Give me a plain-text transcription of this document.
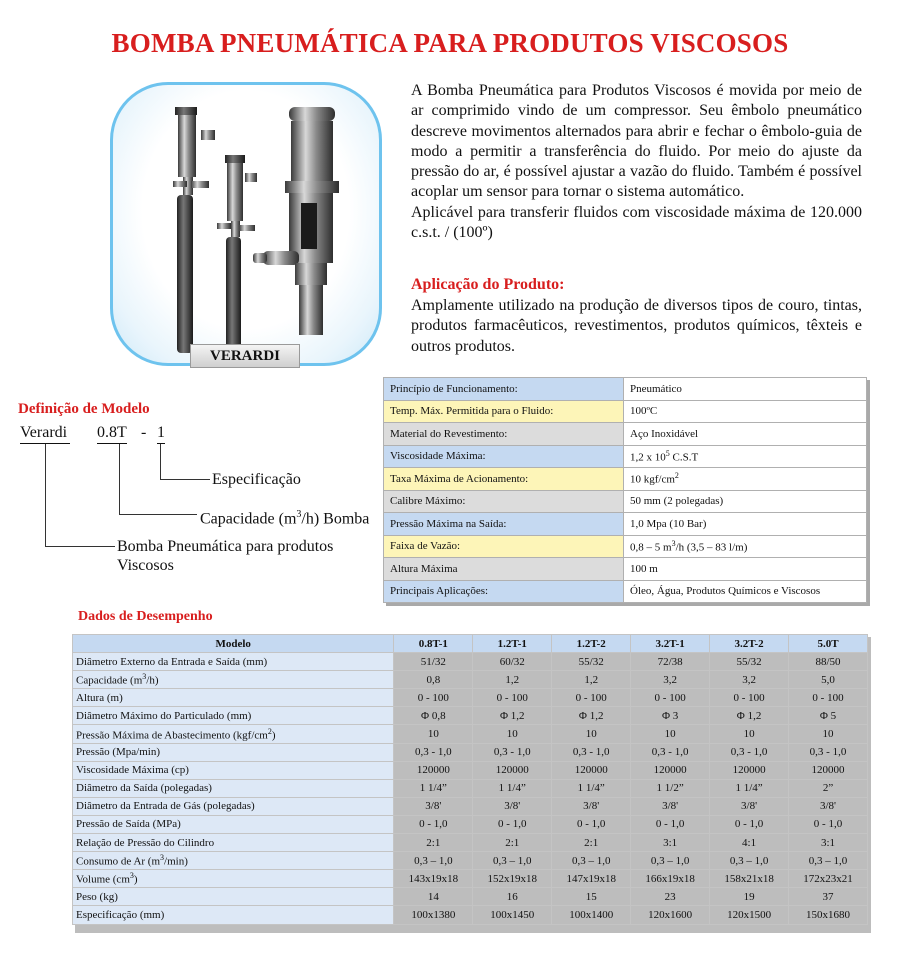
BOMBA PNEUMÁTICA PARA PRODUTOS VISCOSOS
VERARDI

A Bomba Pneumática para Produtos Viscosos é movida por meio de ar comprimido vindo de um compressor. Seu êmbolo pneumático descreve movimentos alternados para abrir e fechar o êmbolo-guia de modo a permitir a transferência do fluido. Por meio do ajuste da pressão do ar, é possível ajustar a vazão do fluido. Também é possível acoplar um sensor para tornar o sistema automático.

Aplicável para transferir fluidos com viscosidade máxima de 120.000 c.s.t. / (100º)

Aplicação do Produto:
Amplamente utilizado na produção de diversos tipos de couro, tintas, produtos farmacêuticos, revestimentos, produtos químicos, têxteis e outros produtos.
Definição de Modelo
Verardi 0.8T - 1
Especificação
Capacidade $(m^3/h)$ Bomba
Bomba Pneumática para produtos
Viscosos
Princípio de Funcionamento:	Pneumático
Temp. Máx. Permitida para o Fluido:	100ºC
Material do Revestimento:	Aço Inoxidável
Viscosidade Máxima:	1,2 x $10^5$ C.S.T
Taxa Máxima de Acionamento:	10 kgf/$cm^2$
Calibre Máximo:	50 mm (2 polegadas)
Pressão Máxima na Saída:	1,0 Mpa (10 Bar)
Faixa de Vazão:	0,8 – 5 $m^3/h$ (3,5 – 83 l/m)
Altura Máxima	100 m
Principais Aplicações:	Óleo, Água, Produtos Químicos e Viscosos
Dados de Desempenho
Modelo	0.8T-1	1.2T-1	1.2T-2	3.2T-1	3.2T-2	5.0T
Diâmetro Externo da Entrada e Saída (mm)	51/32	60/32	55/32	72/38	55/32	88/50
Capacidade $(m^3/h)$	0,8	1,2	1,2	3,2	3,2	5,0
Altura (m)	0 - 100	0 - 100	0 - 100	0 - 100	0 - 100	0 - 100
Diâmetro Máximo do Particulado (mm)	Φ 0,8	Φ 1,2	Φ 1,2	Φ 3	Φ 1,2	Φ 5
Pressão Máxima de Abastecimento $(kgf/cm^2)$	10	10	10	10	10	10
Pressão (Mpa/min)	0,3 - 1,0	0,3 - 1,0	0,3 - 1,0	0,3 - 1,0	0,3 - 1,0	0,3 - 1,0
Viscosidade Máxima (cp)	120000	120000	120000	120000	120000	120000
Diâmetro da Saída (polegadas)	1 1/4”	1 1/4”	1 1/4”	1 1/2”	1 1/4”	2”
Diâmetro da Entrada de Gás (polegadas)	3/8'	3/8'	3/8'	3/8'	3/8'	3/8'
Pressão de Saída (MPa)	0 - 1,0	0 - 1,0	0 - 1,0	0 - 1,0	0 - 1,0	0 - 1,0
Relação de Pressão do Cilindro	2:1	2:1	2:1	3:1	4:1	3:1
Consumo de Ar $(m^3/\min)$	0,3 – 1,0	0,3 – 1,0	0,3 – 1,0	0,3 – 1,0	0,3 – 1,0	0,3 – 1,0
Volume $(cm^3)$	143x19x18	152x19x18	147x19x18	166x19x18	158x21x18	172x23x21
Peso (kg)	14	16	15	23	19	37
Especificação (mm)	100x1380	100x1450	100x1400	120x1600	120x1500	150x1680
